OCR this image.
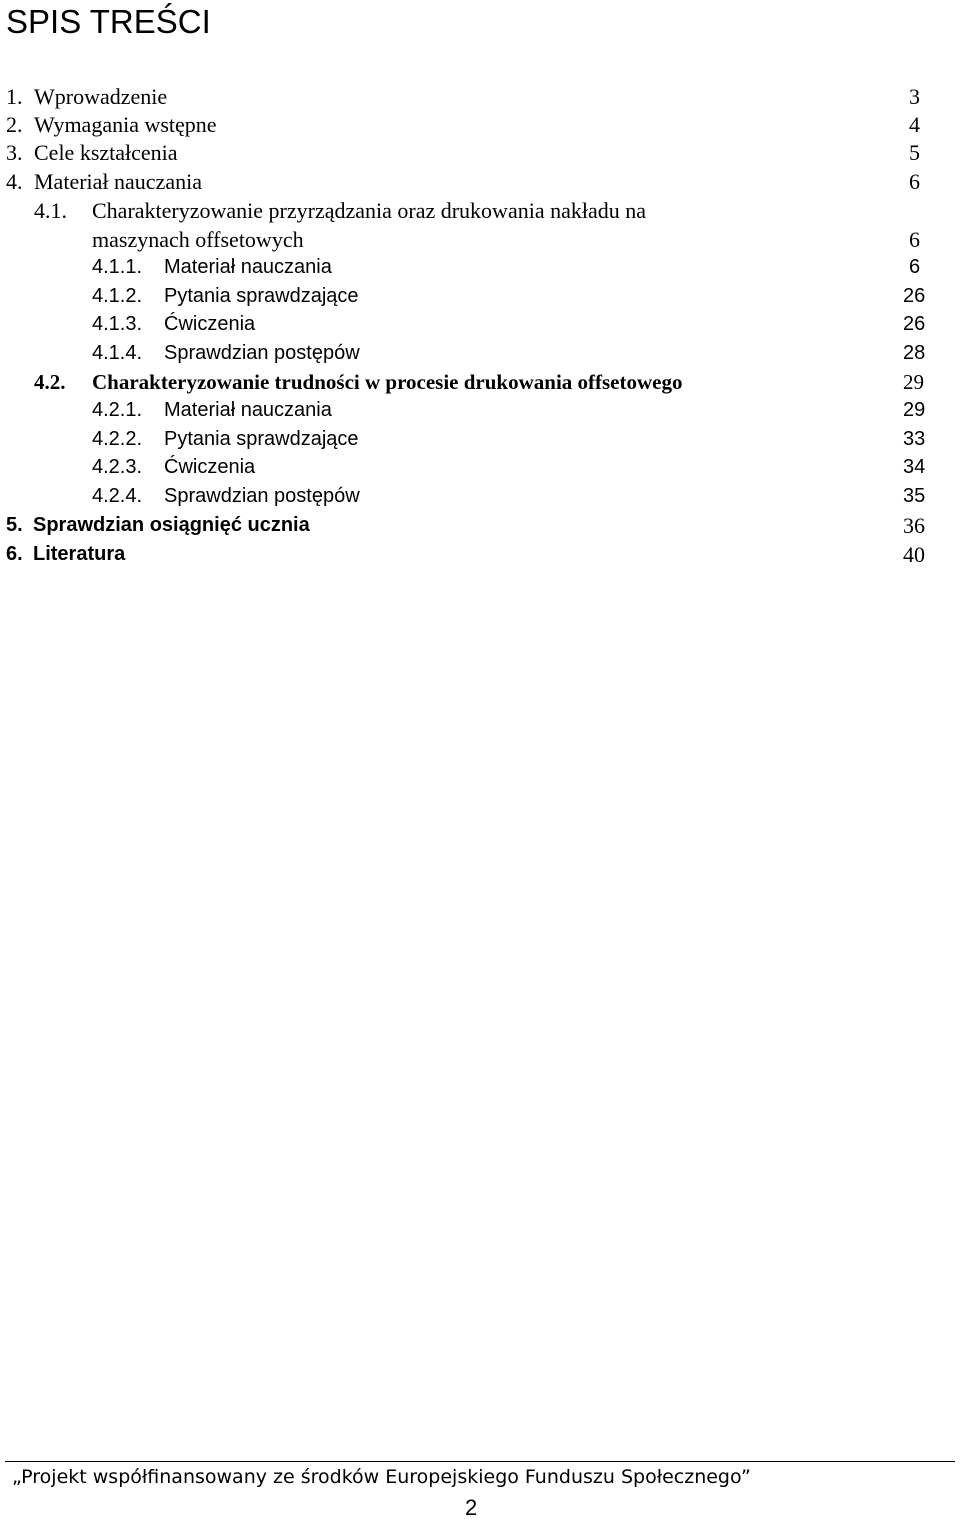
SPIS TREŚCI
1. Wprowadzenie	3
2. Wymagania wstępne	4
3. Cele kształcenia	5
4. Materiał nauczania	6
4.1. Charakteryzowanie przyrządzania oraz drukowania nakładu na
maszynach offsetowych	6
4.1.1. Materiał nauczania	6
4.1.2. Pytania sprawdzające	26
4.1.3. Ćwiczenia	26
4.1.4. Sprawdzian postępów	28
4.2. Charakteryzowanie trudności w procesie drukowania offsetowego	29
4.2.1. Materiał nauczania	29
4.2.2. Pytania sprawdzające	33
4.2.3. Ćwiczenia	34
4.2.4. Sprawdzian postępów	35
5. Sprawdzian osiągnięć ucznia	36
6. Literatura	40
„Projekt współfinansowany ze środków Europejskiego Funduszu Społecznego”
2
